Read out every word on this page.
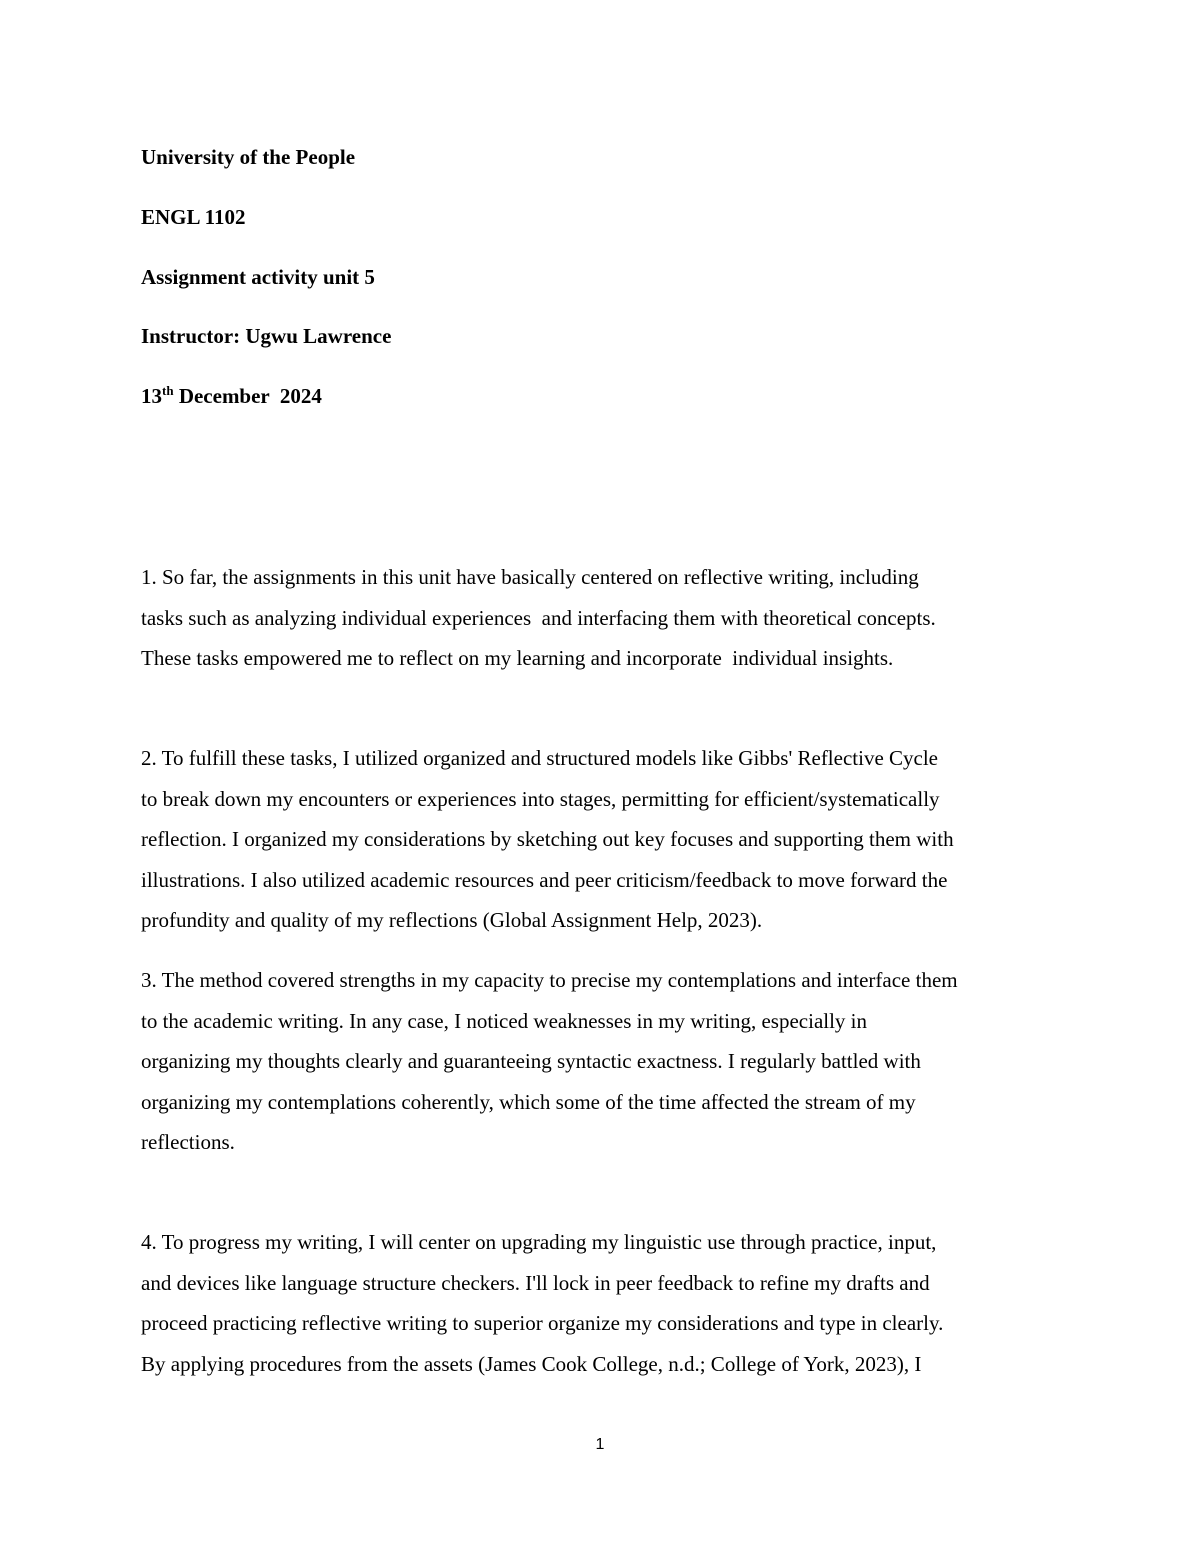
University of the People
ENGL 1102
Assignment activity unit 5
Instructor: Ugwu Lawrence
13th December  2024
1. So far, the assignments in this unit have basically centered on reflective writing, including
tasks such as analyzing individual experiences  and interfacing them with theoretical concepts.
These tasks empowered me to reflect on my learning and incorporate  individual insights.
2. To fulfill these tasks, I utilized organized and structured models like Gibbs' Reflective Cycle
to break down my encounters or experiences into stages, permitting for efficient/systematically
reflection. I organized my considerations by sketching out key focuses and supporting them with
illustrations. I also utilized academic resources and peer criticism/feedback to move forward the
profundity and quality of my reflections (Global Assignment Help, 2023).
3. The method covered strengths in my capacity to precise my contemplations and interface them
to the academic writing. In any case, I noticed weaknesses in my writing, especially in
organizing my thoughts clearly and guaranteeing syntactic exactness. I regularly battled with
organizing my contemplations coherently, which some of the time affected the stream of my
reflections.
4. To progress my writing, I will center on upgrading my linguistic use through practice, input,
and devices like language structure checkers. I'll lock in peer feedback to refine my drafts and
proceed practicing reflective writing to superior organize my considerations and type in clearly.
By applying procedures from the assets (James Cook College, n.d.; College of York, 2023), I
1
